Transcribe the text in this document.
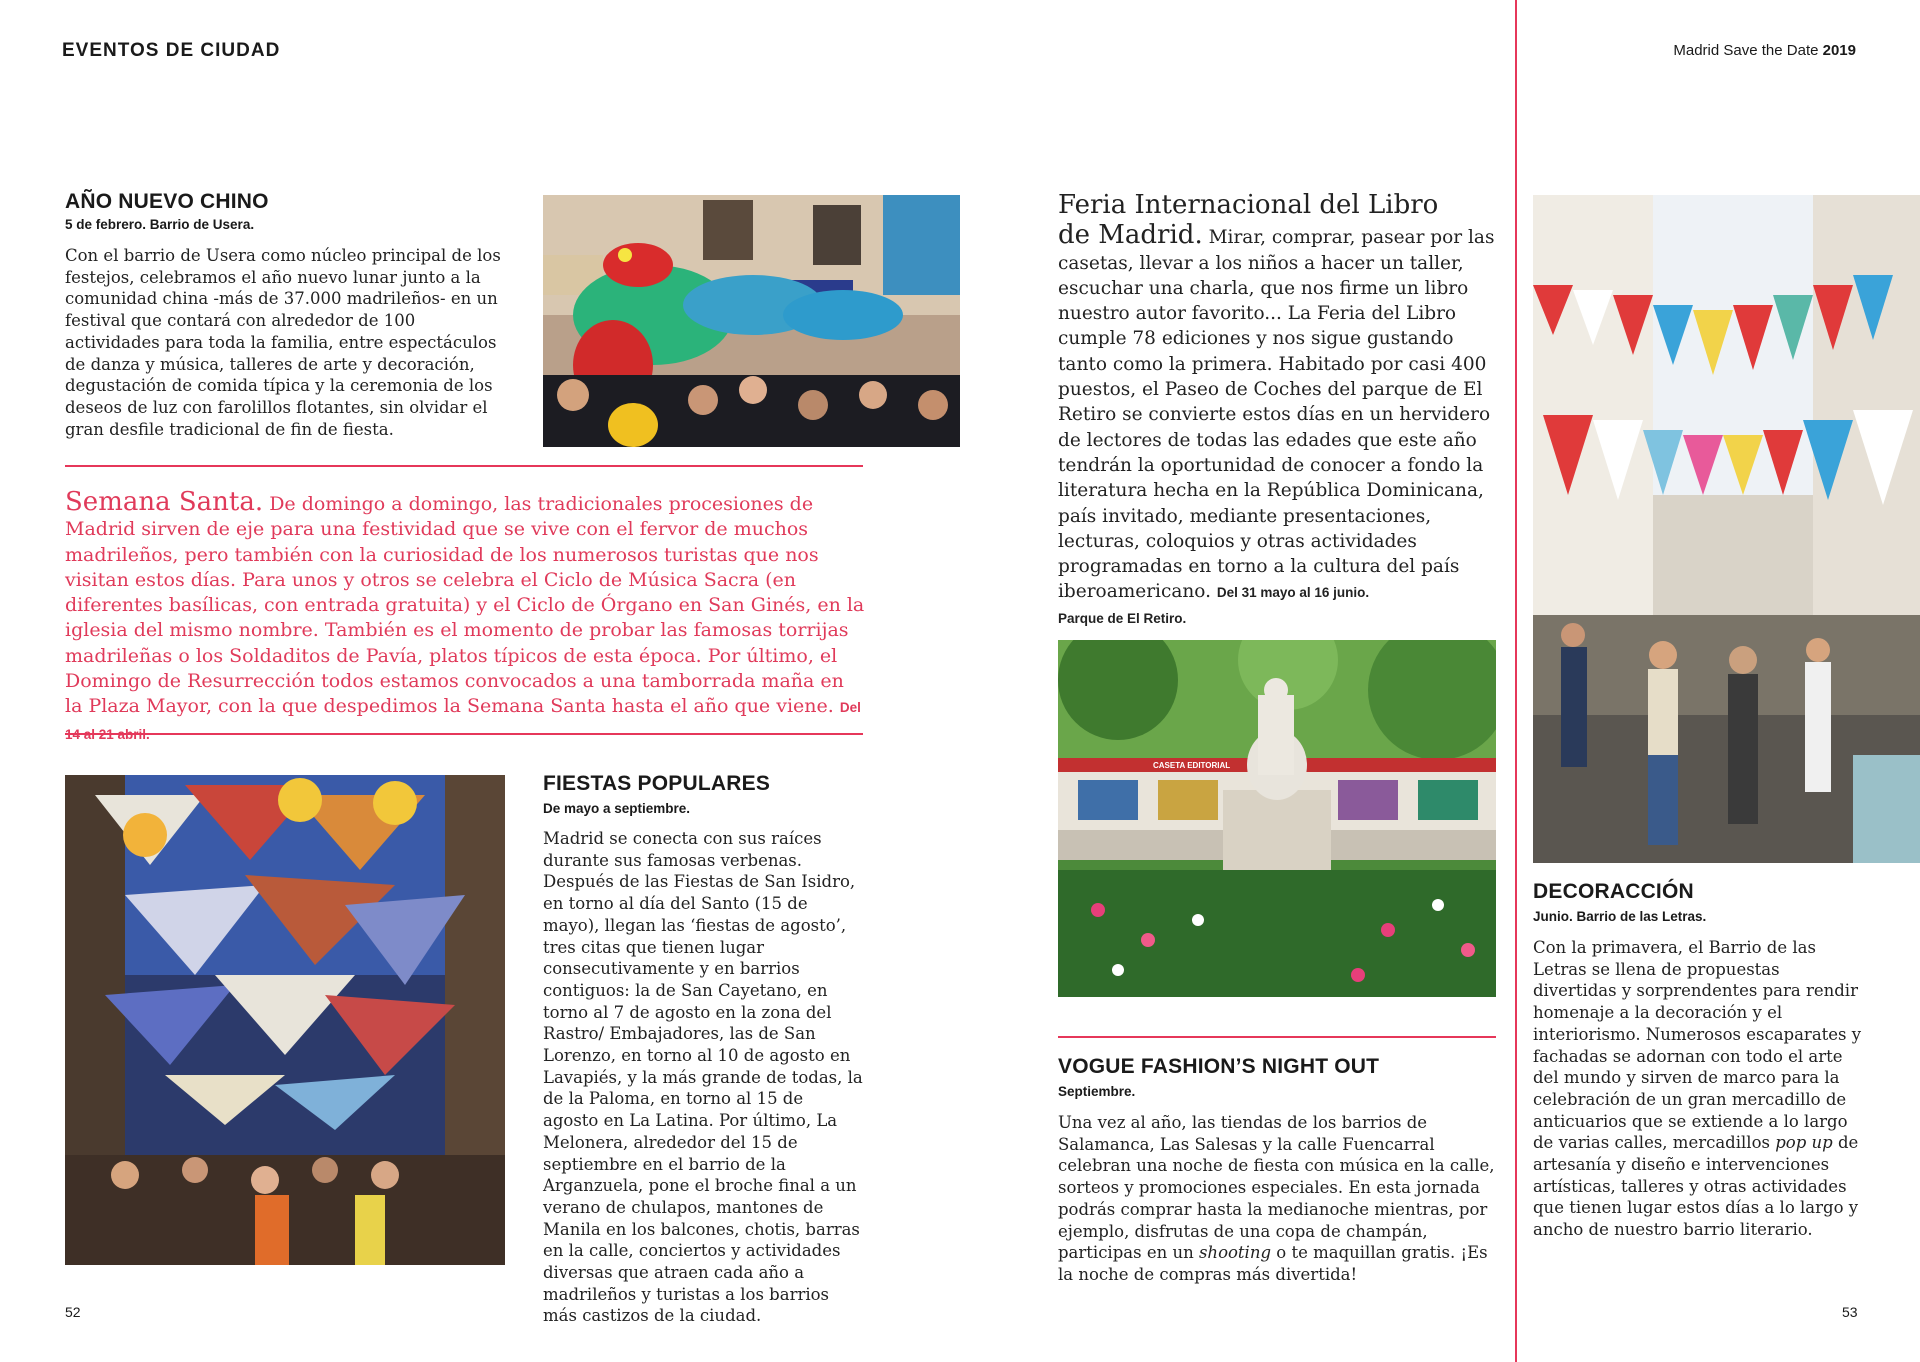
EVENTOS DE CIUDAD	Madrid Save the Date 2019
AÑO NUEVO CHINO
5 de febrero. Barrio de Usera.
Con el barrio de Usera como núcleo principal de los festejos, celebramos el año nuevo lunar junto a la comunidad china -más de 37.000 madrileños- en un festival que contará con alrededor de 100 actividades para toda la familia, entre espectáculos de danza y música, talleres de arte y decoración, degustación de comida típica y la ceremonia de los deseos de luz con farolillos flotantes, sin olvidar el gran desfile tradicional de fin de fiesta.
Semana Santa. De domingo a domingo, las tradicionales procesiones de Madrid sirven de eje para una festividad que se vive con el fervor de muchos madrileños, pero también con la curiosidad de los numerosos turistas que nos visitan estos días. Para unos y otros se celebra el Ciclo de Música Sacra (en diferentes basílicas, con entrada gratuita) y el Ciclo de Órgano en San Ginés, en la iglesia del mismo nombre. También es el momento de probar las famosas torrijas madrileñas o los Soldaditos de Pavía, platos típicos de esta época. Por último, el Domingo de Resurrección todos estamos convocados a una tamborrada maña en la Plaza Mayor, con la que despedimos la Semana Santa hasta el año que viene. Del
FIESTAS POPULARES
De mayo a septiembre.
Madrid se conecta con sus raíces durante sus famosas verbenas. Después de las Fiestas de San Isidro, en torno al día del Santo (15 de mayo), llegan las ‘fiestas de agosto’, tres citas que tienen lugar consecutivamente y en barrios contiguos: la de San Cayetano, en torno al 7 de agosto en la zona del Rastro/ Embajadores, las de San Lorenzo, en torno al 10 de agosto en Lavapiés, y la más grande de todas, la de la Paloma, en torno al 15 de agosto en La Latina. Por último, La Melonera, alrededor del 15 de septiembre en el barrio de la Arganzuela, pone el broche final a un verano de chulapos, mantones de Manila en los balcones, chotis, barras en la calle, conciertos y actividades diversas que atraen cada año a madrileños y turistas a los barrios más castizos de la ciudad.
52
Feria Internacional del Libro
de Madrid. Mirar, comprar, pasear por las casetas, llevar a los niños a hacer un taller, escuchar una charla, que nos firme un libro nuestro autor favorito... La Feria del Libro cumple 78 ediciones y nos sigue gustando tanto como la primera. Habitado por casi 400 puestos, el Paseo de Coches del parque de El Retiro se convierte estos días en un hervidero de lectores de todas las edades que este año tendrán la oportunidad de conocer a fondo la literatura hecha en la República Dominicana, país invitado, mediante presentaciones, lecturas, coloquios y otras actividades programadas en torno a la cultura del país iberoamericano. Del 31 mayo al 16 junio.
Parque de El Retiro.
CASETA EDITORIAL
VOGUE FASHION’S NIGHT OUT
Septiembre.
Una vez al año, las tiendas de los barrios de Salamanca, Las Salesas y la calle Fuencarral celebran una noche de fiesta con música en la calle, sorteos y promociones especiales. En esta jornada podrás comprar hasta la medianoche mientras, por ejemplo, disfrutas de una copa de champán, participas en un shooting o te maquillan gratis. ¡Es la noche de compras más divertida!
DECORACCIÓN
Junio. Barrio de las Letras.
Con la primavera, el Barrio de las Letras se llena de propuestas divertidas y sorprendentes para rendir homenaje a la decoración y el interiorismo. Numerosos escaparates y fachadas se adornan con todo el arte del mundo y sirven de marco para la celebración de un gran mercadillo de anticuarios que se extiende a lo largo de varias calles, mercadillos pop up de artesanía y diseño e intervenciones artísticas, talleres y otras actividades que tienen lugar estos días a lo largo y ancho de nuestro barrio literario.
53
